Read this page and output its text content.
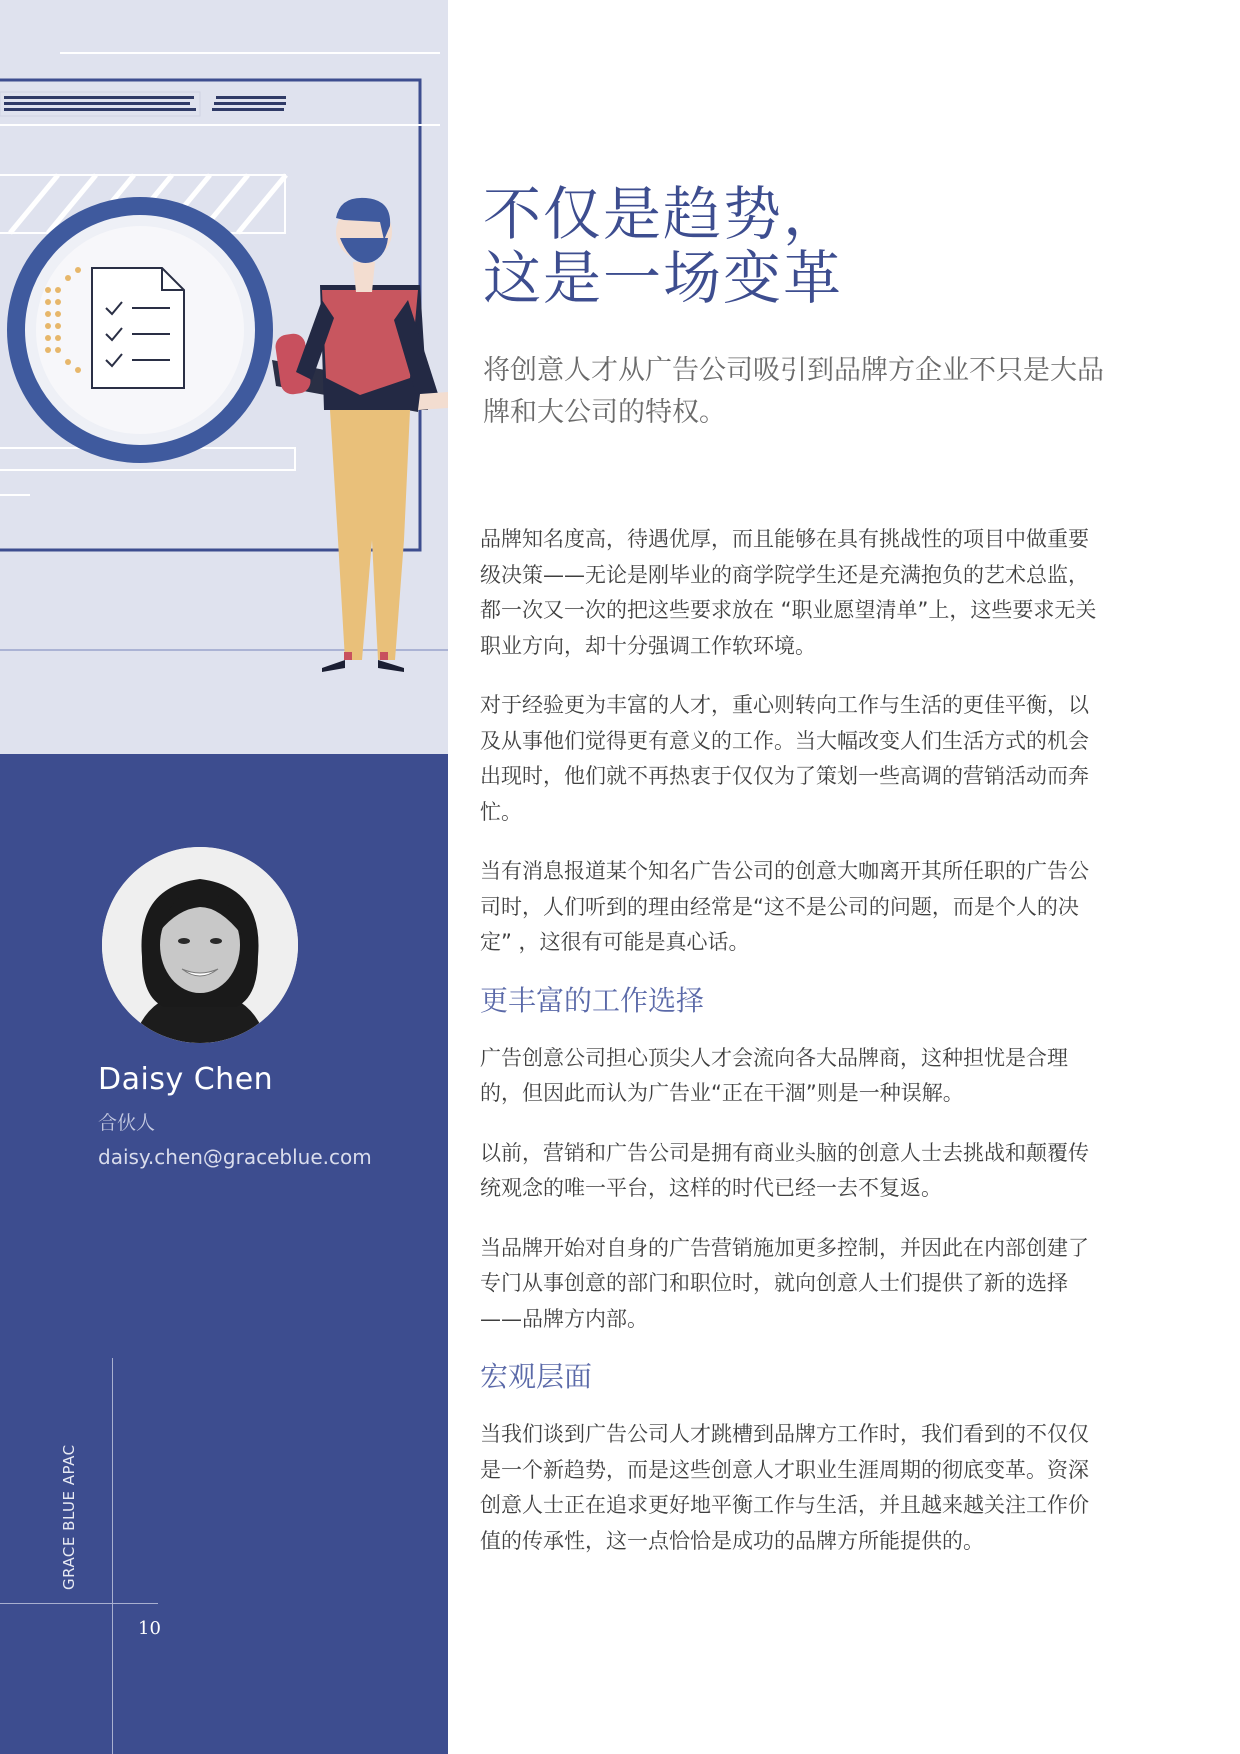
Daisy Chen
合伙人
daisy.chen@graceblue.com
GRACE BLUE APAC
10
不仅是趋势，
这是一场变革

将创意人才从广告公司吸引到品牌方企业不只是大品牌和大公司的特权。

品牌知名度高，待遇优厚，而且能够在具有挑战性的项目中做重要级决策——无论是刚毕业的商学院学生还是充满抱负的艺术总监，都一次又一次的把这些要求放在 “职业愿望清单”上，这些要求无关职业方向，却十分强调工作软环境。

对于经验更为丰富的人才，重心则转向工作与生活的更佳平衡，以及从事他们觉得更有意义的工作。当大幅改变人们生活方式的机会出现时，他们就不再热衷于仅仅为了策划一些高调的营销活动而奔忙。

当有消息报道某个知名广告公司的创意大咖离开其所任职的广告公司时，人们听到的理由经常是“这不是公司的问题，而是个人的决定” ，这很有可能是真心话。

更丰富的工作选择

广告创意公司担心顶尖人才会流向各大品牌商，这种担忧是合理的，但因此而认为广告业“正在干涸”则是一种误解。

以前，营销和广告公司是拥有商业头脑的创意人士去挑战和颠覆传统观念的唯一平台，这样的时代已经一去不复返。

当品牌开始对自身的广告营销施加更多控制，并因此在内部创建了专门从事创意的部门和职位时，就向创意人士们提供了新的选择——品牌方内部。

宏观层面

当我们谈到广告公司人才跳槽到品牌方工作时，我们看到的不仅仅是一个新趋势，而是这些创意人才职业生涯周期的彻底变革。资深创意人士正在追求更好地平衡工作与生活，并且越来越关注工作价值的传承性，这一点恰恰是成功的品牌方所能提供的。
